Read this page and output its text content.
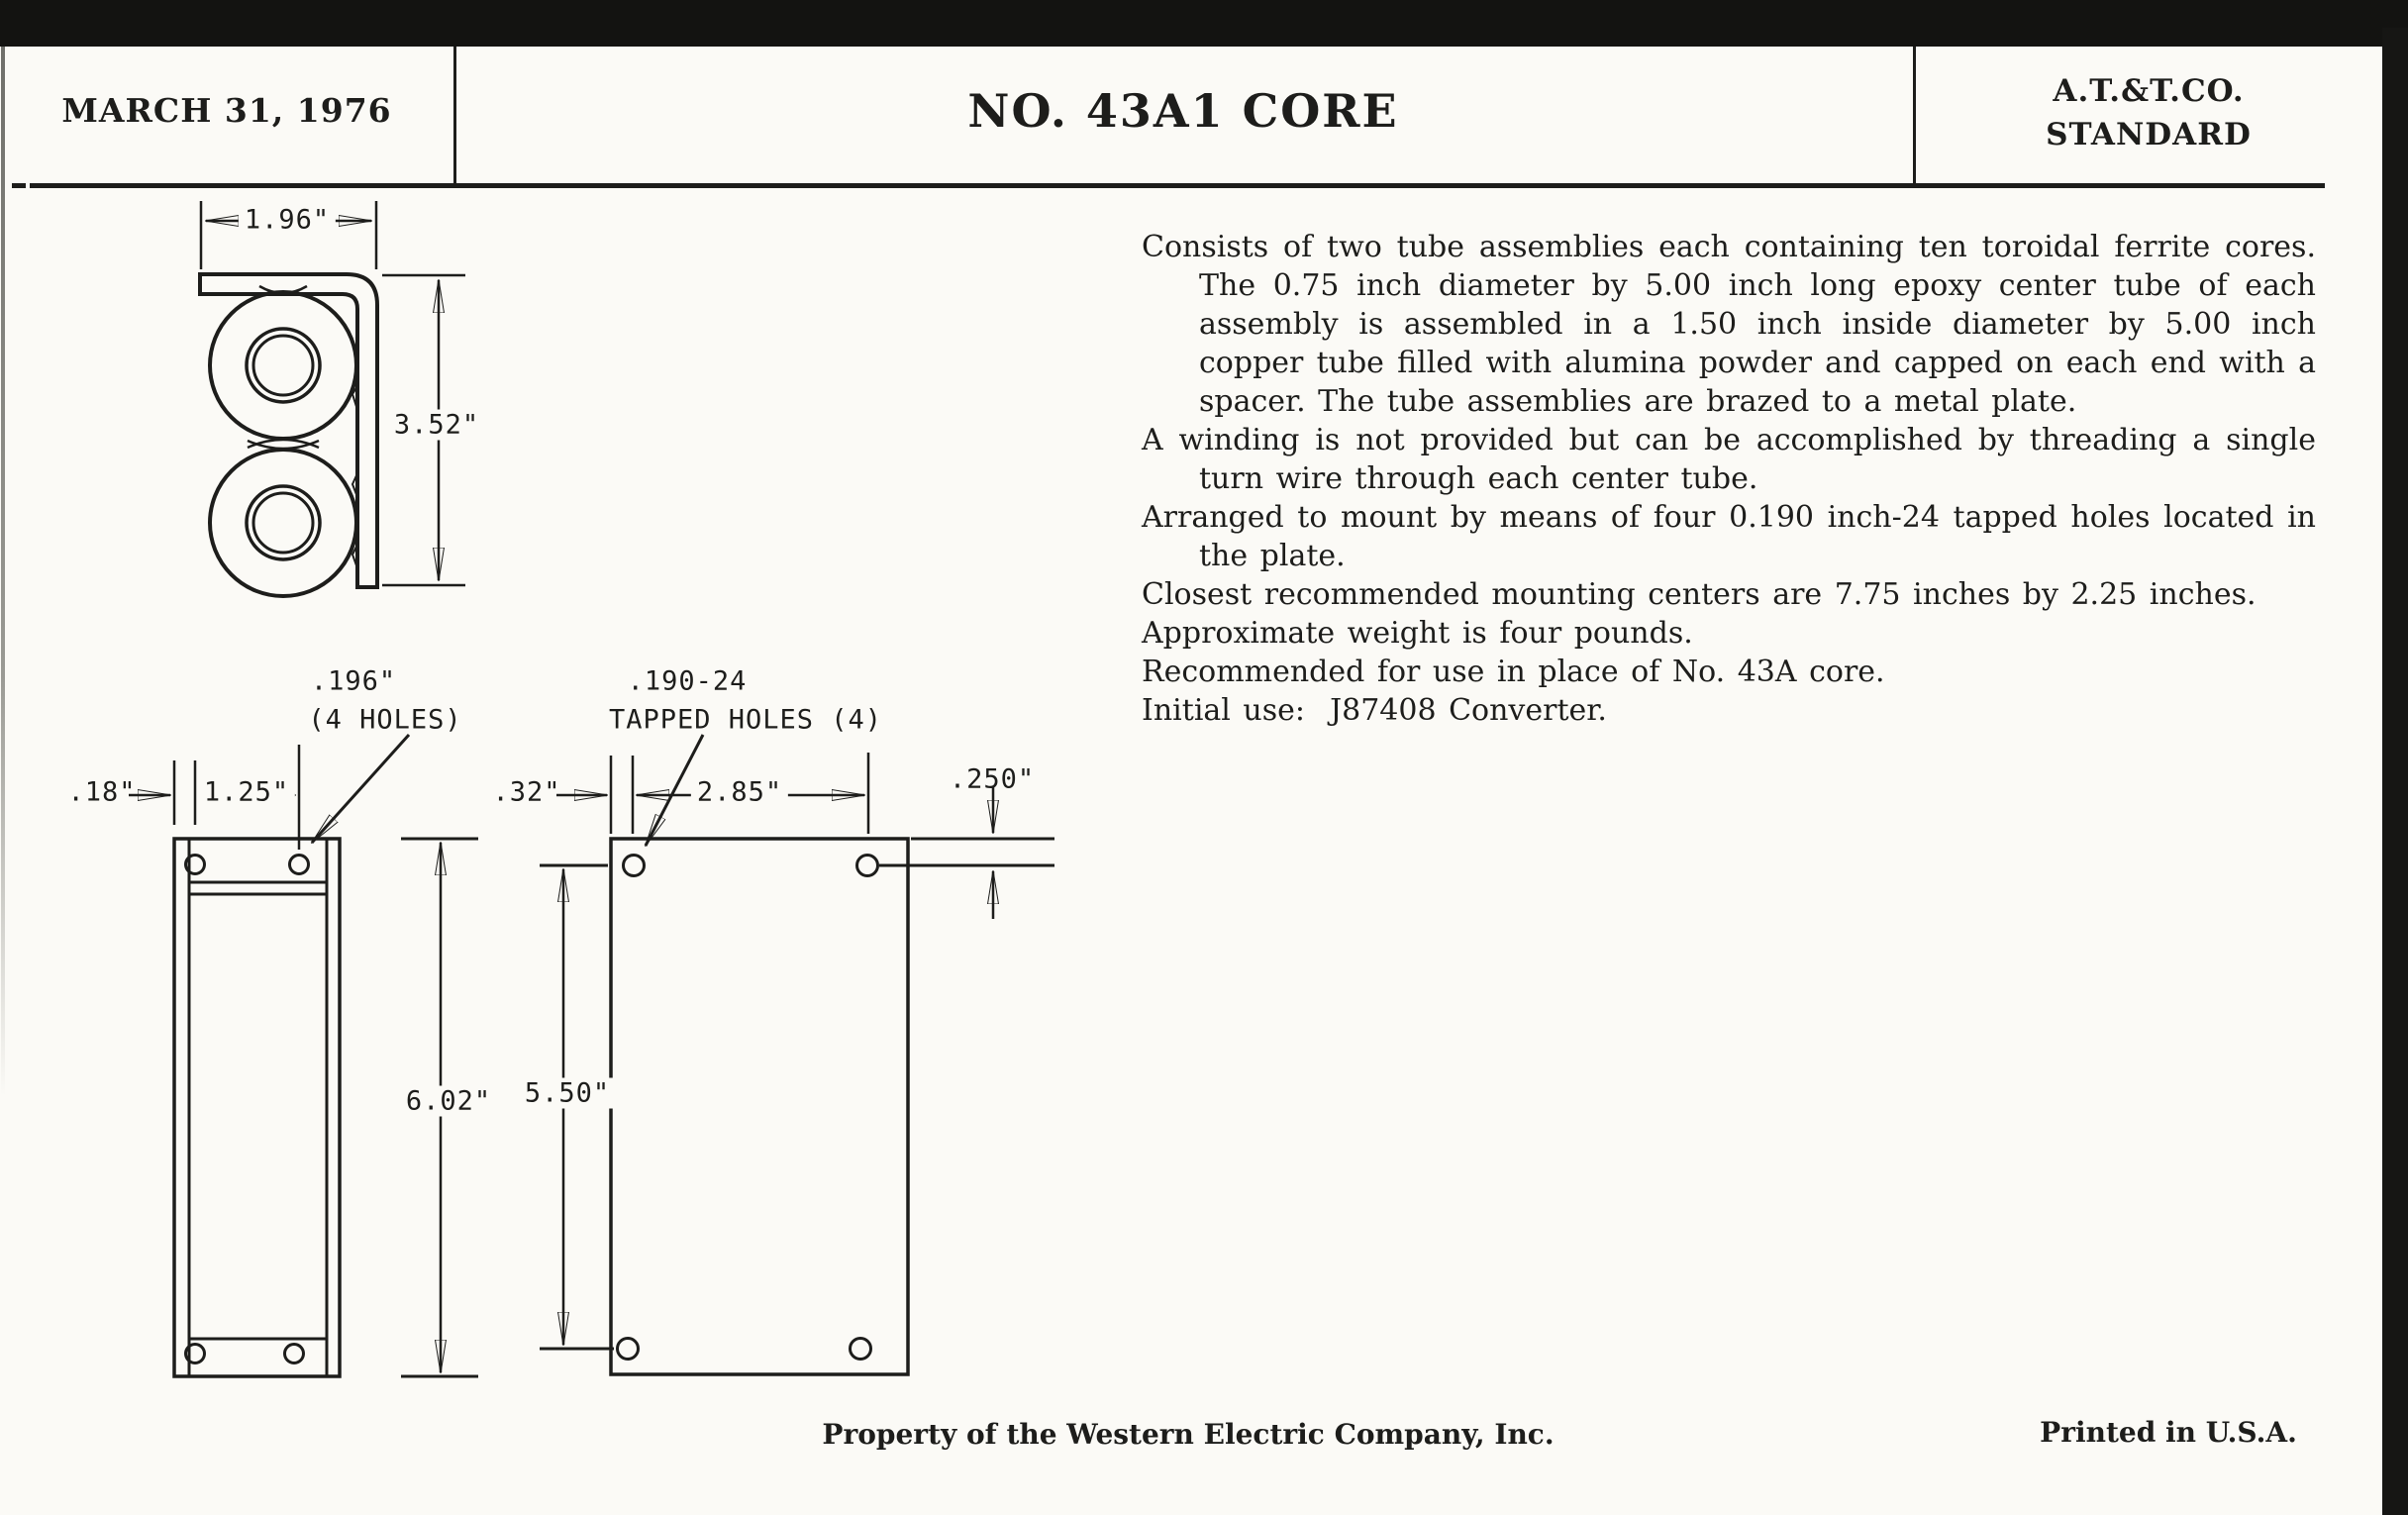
MARCH 31, 1976	NO. 43A1 CORE	A.T.&T.CO.
STANDARD

Consists of two tube assemblies each containing ten toroidal ferrite cores. The 0.75 inch diameter by 5.00 inch long epoxy center tube of each assembly is assembled in a 1.50 inch inside diameter by 5.00 inch copper tube filled with alumina powder and capped on each end with a spacer. The tube assemblies are brazed to a metal plate.

A winding is not provided but can be accomplished by threading a single turn wire through each center tube.

Arranged to mount by means of four 0.190 inch-24 tapped holes located in the plate.

Closest recommended mounting centers are 7.75 inches by 2.25 inches.

Approximate weight is four pounds.

Recommended for use in place of No. 43A core.

Initial use:  J87408 Converter.

1.96"
3.52"
.18"	1.25"
.196"
(4 HOLES)
6.02"
.32"	2.85"
.190-24
TAPPED HOLES (4)
.250"
5.50"
Property of the Western Electric Company, Inc.	Printed in U.S.A.
